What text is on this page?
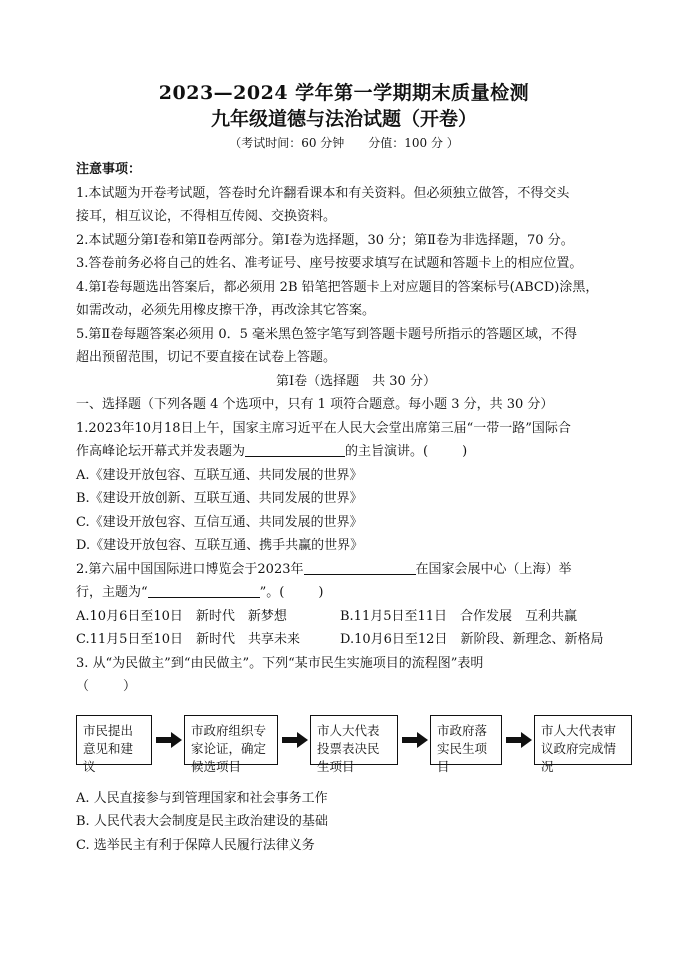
2023—2024 学年第一学期期末质量检测
九年级道德与法治试题（开卷）
（考试时间：60 分钟　　分值：100 分 ）
注意事项：
1.本试题为开卷考试题，答卷时允许翻看课本和有关资料。但必须独立做答，不得交头
接耳，相互议论，不得相互传阅、交换资料。
2.本试题分第Ⅰ卷和第Ⅱ卷两部分。第Ⅰ卷为选择题，30 分；第Ⅱ卷为非选择题，70 分。
3.答卷前务必将自己的姓名、准考证号、座号按要求填写在试题和答题卡上的相应位置。
4.第Ⅰ卷每题选出答案后，都必须用 2B 铅笔把答题卡上对应题目的答案标号(ABCD)涂黑，
如需改动，必须先用橡皮擦干净，再改涂其它答案。
5.第Ⅱ卷每题答案必须用 0．5 毫米黑色签字笔写到答题卡题号所指示的答题区域，不得
超出预留范围，切记不要直接在试卷上答题。
第Ⅰ卷（选择题　共 30 分）
一、选择题（下列各题 4 个选项中，只有 1 项符合题意。每小题 3 分，共 30 分）
1.2023年10月18日上午，国家主席习近平在人民大会堂出席第三届“一带一路”国际合
作高峰论坛开幕式并发表题为	的主旨演讲。(	)
A.《建设开放包容、互联互通、共同发展的世界》
B.《建设开放创新、互联互通、共同发展的世界》
C.《建设开放包容、互信互通、共同发展的世界》
D.《建设开放包容、互联互通、携手共赢的世界》
2.第六届中国国际进口博览会于2023年	在国家会展中心（上海）举
行，主题为“	”。(	)
A.10月6日至10日　新时代　新梦想	B.11月5日至11日　合作发展　互利共赢
C.11月5日至10日　新时代　共享未来	D.10月6日至12日　新阶段、新理念、新格局
3. 从“为民做主”到“由民做主”。下列“某市民生实施项目的流程图”表明
（	）
市民提出意见和建议
市政府组织专家论证，确定候选项目
市人大代表投票表决民生项目
市政府落实民生项目
市人大代表审议政府完成情况
A. 人民直接参与到管理国家和社会事务工作
B. 人民代表大会制度是民主政治建设的基础
C. 选举民主有利于保障人民履行法律义务
